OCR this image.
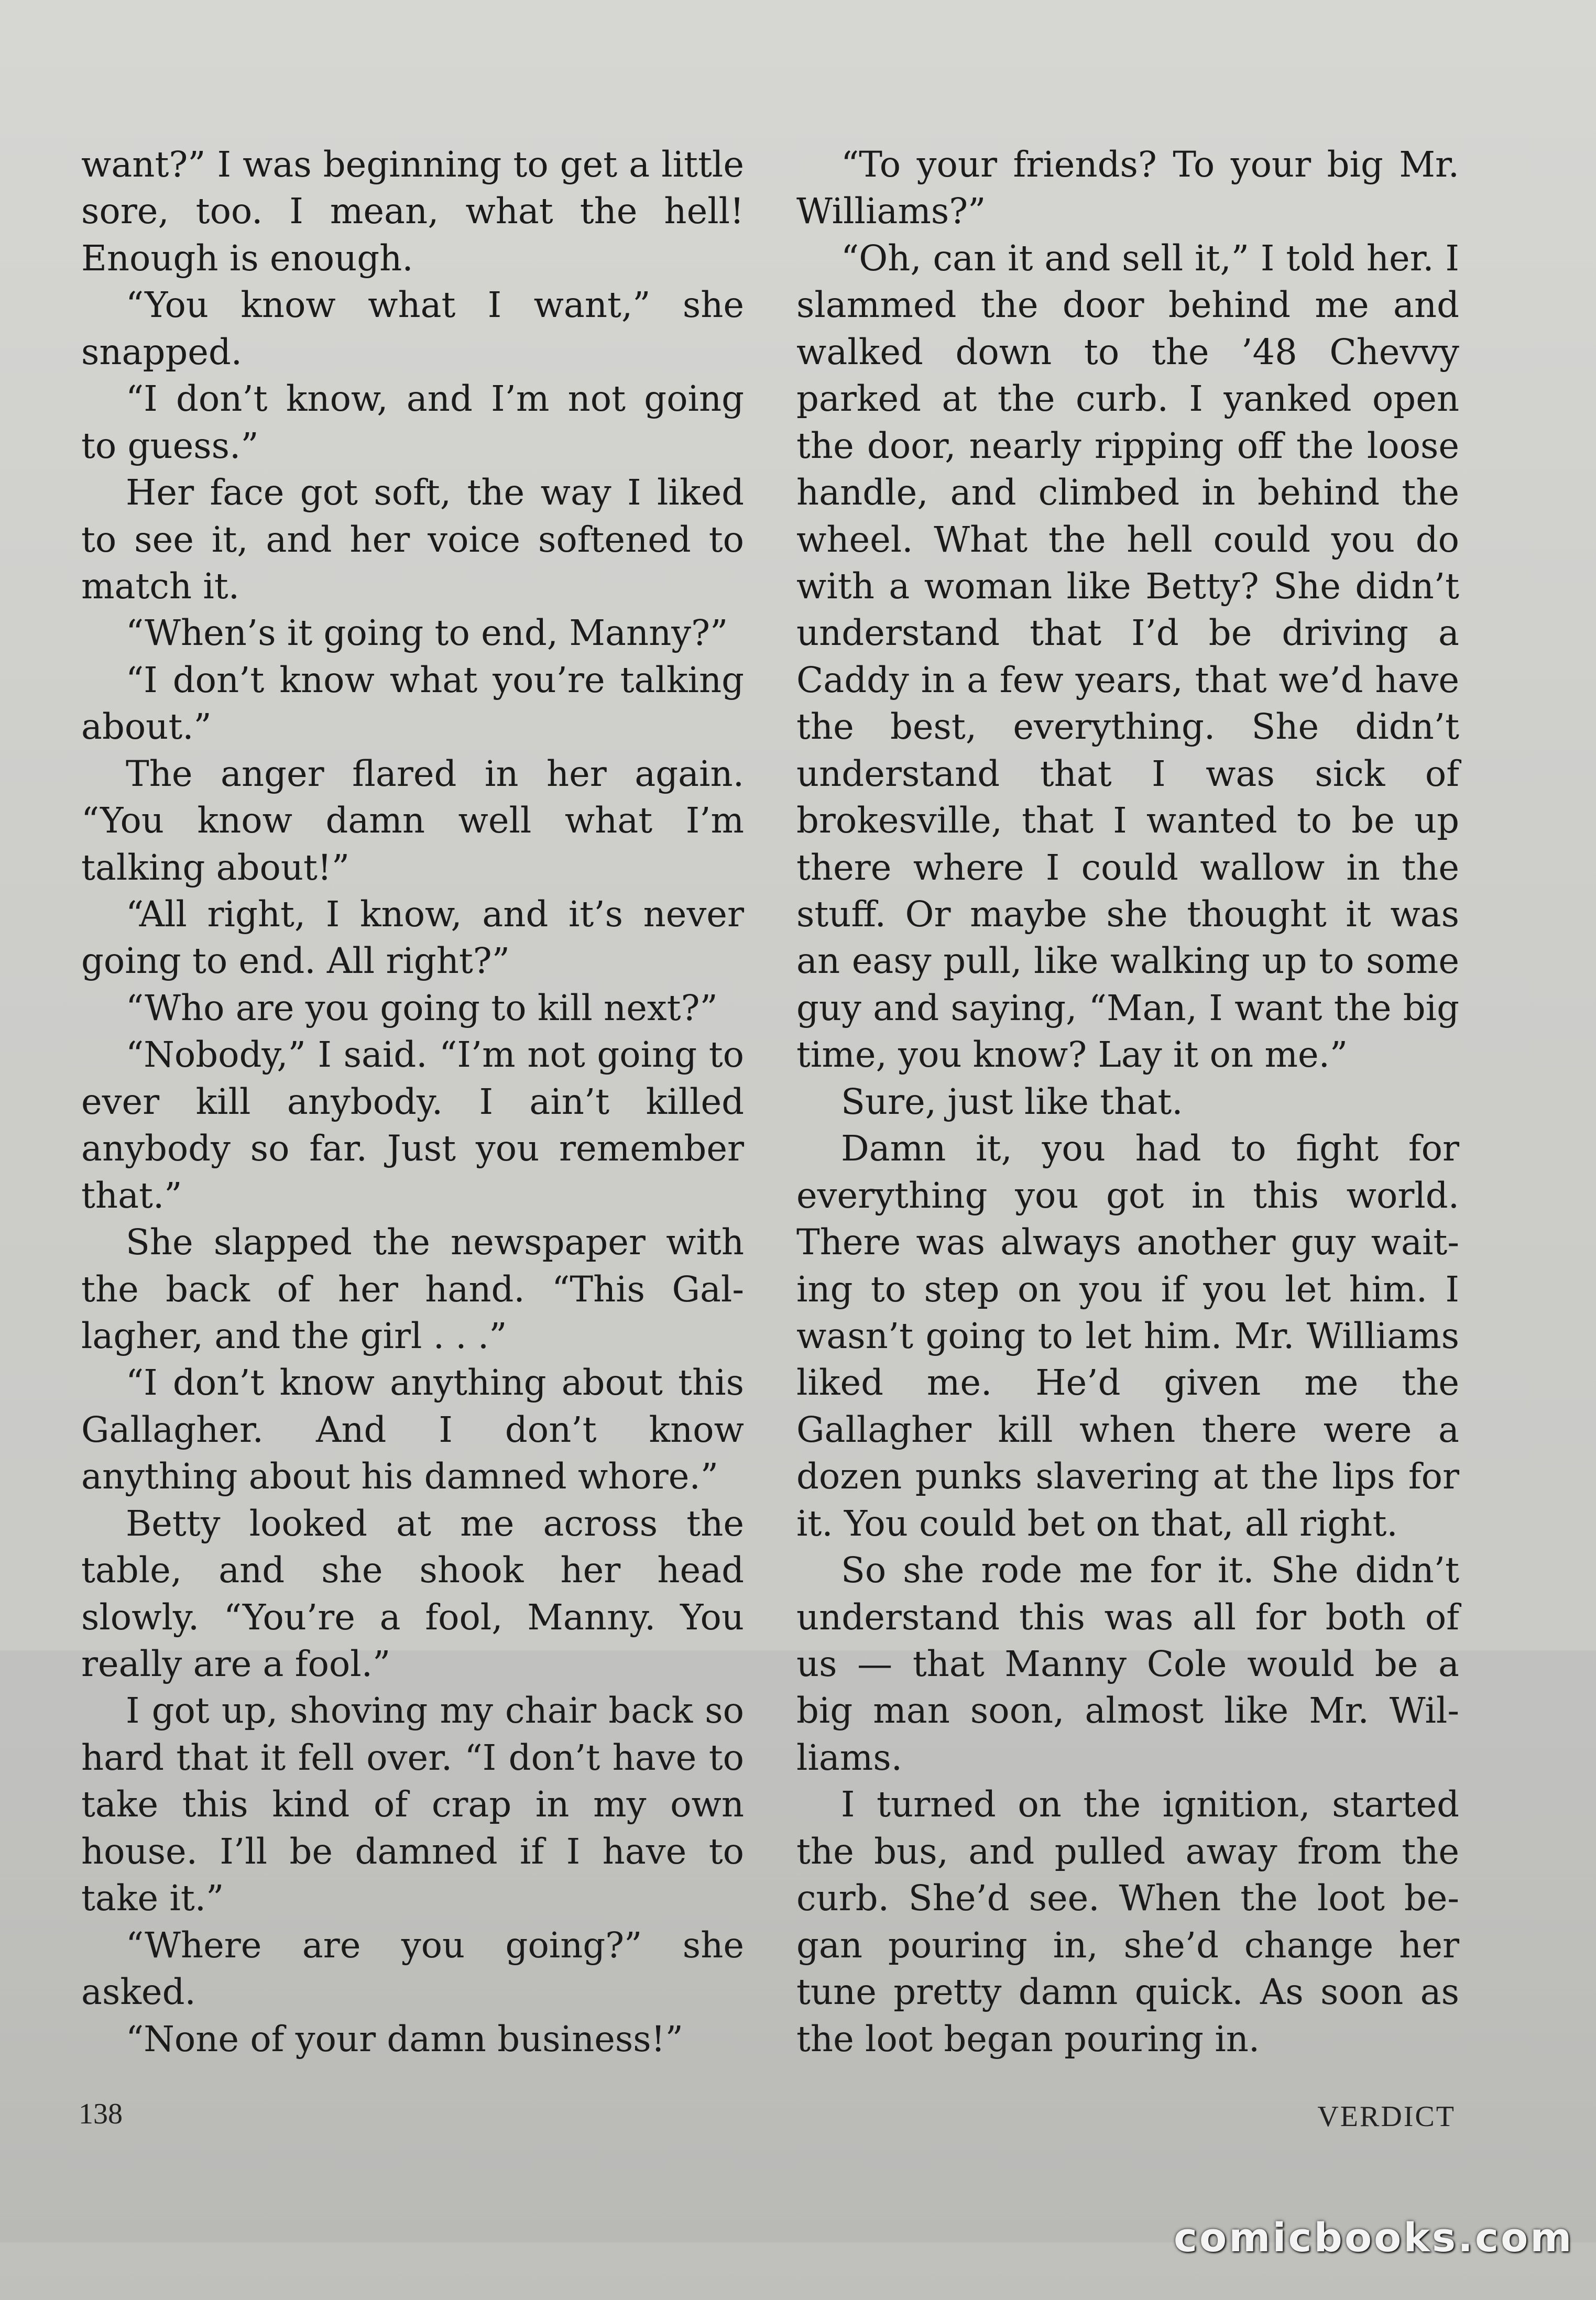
want?” I was beginning to get a little sore, too. I mean, what the hell! Enough is enough.

“You know what I want,” she snapped.

“I don’t know, and I’m not going to guess.”

Her face got soft, the way I liked to see it, and her voice softened to match it.

“When’s it going to end, Manny?”

“I don’t know what you’re talking about.”

The anger flared in her again. “You know damn well what I’m talking about!”

“All right, I know, and it’s never going to end. All right?”

“Who are you going to kill next?”

“Nobody,” I said. “I’m not going to ever kill anybody. I ain’t killed anybody so far. Just you remember that.”

She slapped the newspaper with the back of her hand. “This Gallagher, and the girl . . .”

“I don’t know anything about this Gallagher. And I don’t know anything about his damned whore.”

Betty looked at me across the table, and she shook her head slowly. “You’re a fool, Manny. You really are a fool.”

I got up, shoving my chair back so hard that it fell over. “I don’t have to take this kind of crap in my own house. I’ll be damned if I have to take it.”

“Where are you going?” she asked.

“None of your damn business!”

“To your friends? To your big Mr. Williams?”

“Oh, can it and sell it,” I told her. I slammed the door behind me and walked down to the ’48 Chevvy parked at the curb. I yanked open the door, nearly ripping off the loose handle, and climbed in behind the wheel. What the hell could you do with a woman like Betty? She didn’t understand that I’d be driving a Caddy in a few years, that we’d have the best, everything. She didn’t understand that I was sick of brokesville, that I wanted to be up there where I could wallow in the stuff. Or maybe she thought it was an easy pull, like walking up to some guy and saying, “Man, I want the big time, you know? Lay it on me.”

Sure, just like that.

Damn it, you had to fight for everything you got in this world. There was always another guy waiting to step on you if you let him. I wasn’t going to let him. Mr. Williams liked me. He’d given me the Gallagher kill when there were a dozen punks slavering at the lips for it. You could bet on that, all right.

So she rode me for it. She didn’t understand this was all for both of us — that Manny Cole would be a big man soon, almost like Mr. Williams.

I turned on the ignition, started the bus, and pulled away from the curb. She’d see. When the loot began pouring in, she’d change her tune pretty damn quick. As soon as the loot began pouring in.

138	VERDICT
comicbooks.com
